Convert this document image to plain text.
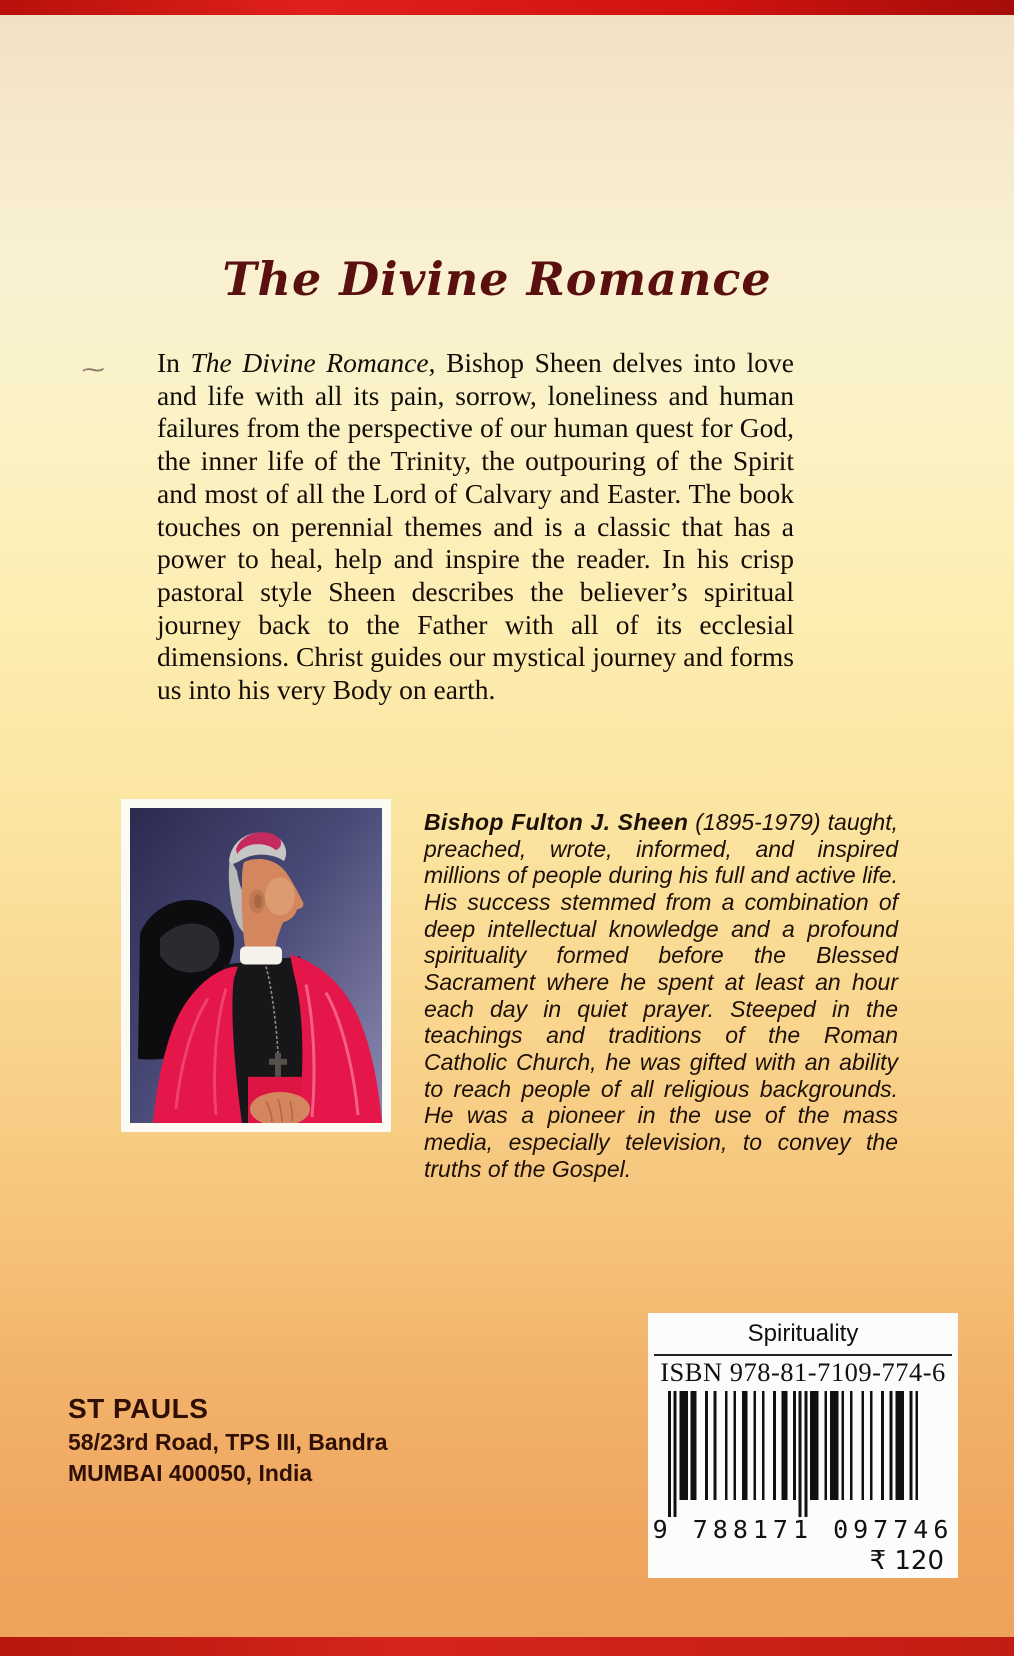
The Divine Romance
~ In The Divine Romance, Bishop Sheen delves into love and life with all its pain, sorrow, loneliness and human failures from the perspective of our human quest for God, the inner life of the Trinity, the outpouring of the Spirit and most of all the Lord of Calvary and Easter. The book touches on perennial themes and is a classic that has a power to heal, help and inspire the reader. In his crisp pastoral style Sheen describes the believer’s spiritual journey back to the Father with all of its ecclesial dimensions. Christ guides our mystical journey and forms us into his very Body on earth.

Bishop Fulton J. Sheen (1895-1979) taught, preached, wrote, informed, and inspired millions of people during his full and active life. His success stemmed from a combination of deep intellectual knowledge and a profound spirituality formed before the Blessed Sacrament where he spent at least an hour each day in quiet prayer. Steeped in the teachings and traditions of the Roman Catholic Church, he was gifted with an ability to reach people of all religious backgrounds. He was a pioneer in the use of the mass media, especially television, to convey the truths of the Gospel.

ST PAULS
58/23rd Road, TPS III, Bandra
MUMBAI 400050, India
Spirituality
ISBN 978-81-7109-774-6
9 788171 097746
₹ 120
